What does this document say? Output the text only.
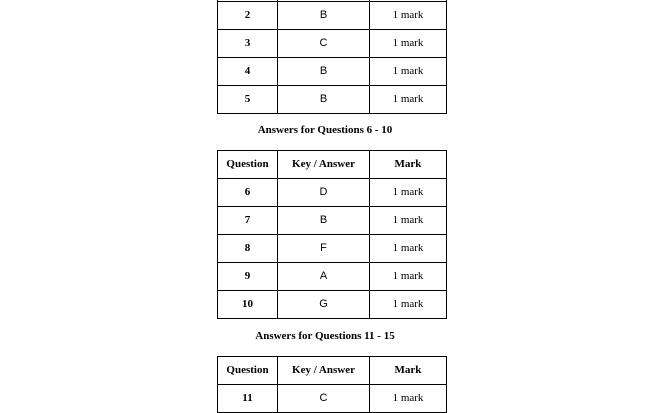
2	B	1 mark
3	C	1 mark
4	B	1 mark
5	B	1 mark
Answers for Questions 6 - 10
Question	Key / Answer	Mark
6	D	1 mark
7	B	1 mark
8	F	1 mark
9	A	1 mark
10	G	1 mark
Answers for Questions 11 - 15
Question	Key / Answer	Mark
11	C	1 mark
